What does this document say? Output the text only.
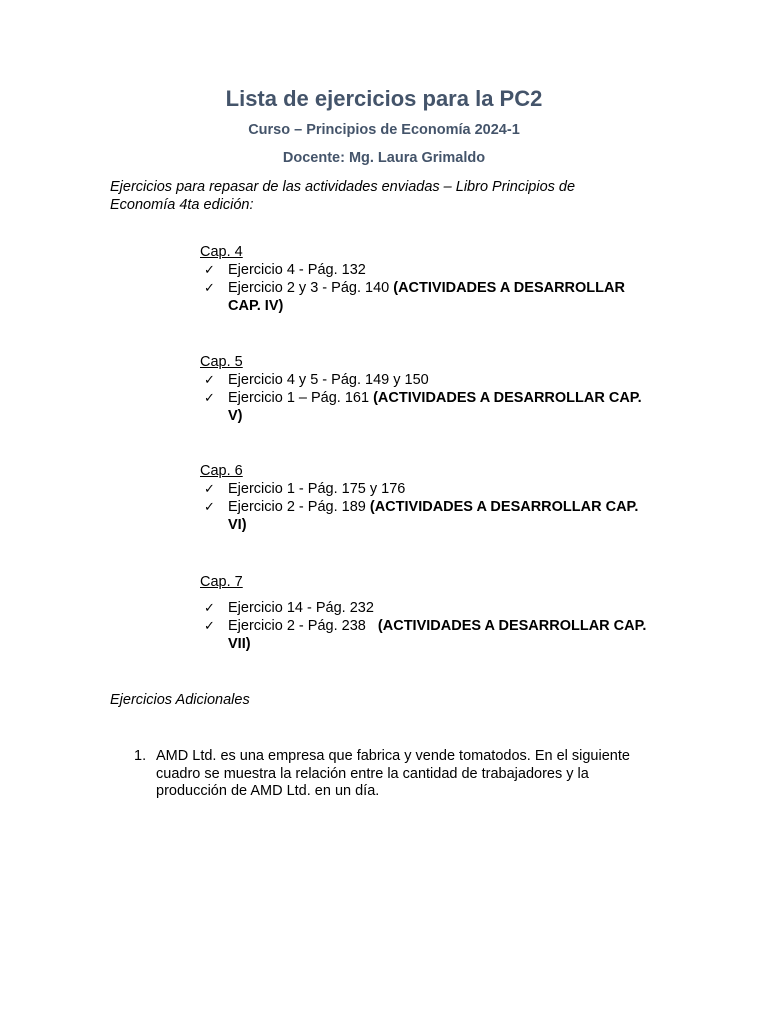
Lista de ejercicios para la PC2

Curso – Principios de Economía 2024-1

Docente: Mg. Laura Grimaldo

Ejercicios para repasar de las actividades enviadas – Libro Principios de Economía 4ta edición:

Cap. 4

✓ Ejercicio 4 - Pág. 132
✓ Ejercicio 2 y 3 - Pág. 140 (ACTIVIDADES A DESARROLLAR CAP. IV)

Cap. 5

✓ Ejercicio 4 y 5 - Pág. 149 y 150
✓ Ejercicio 1 – Pág. 161 (ACTIVIDADES A DESARROLLAR CAP. V)

Cap. 6

✓ Ejercicio 1 - Pág. 175 y 176
✓ Ejercicio 2 - Pág. 189 (ACTIVIDADES A DESARROLLAR CAP. VI)

Cap. 7

✓ Ejercicio 14 - Pág. 232
✓ Ejercicio 2 - Pág. 238   (ACTIVIDADES A DESARROLLAR CAP. VII)

Ejercicios Adicionales

1. AMD Ltd. es una empresa que fabrica y vende tomatodos. En el siguiente cuadro se muestra la relación entre la cantidad de trabajadores y la producción de AMD Ltd. en un día.
